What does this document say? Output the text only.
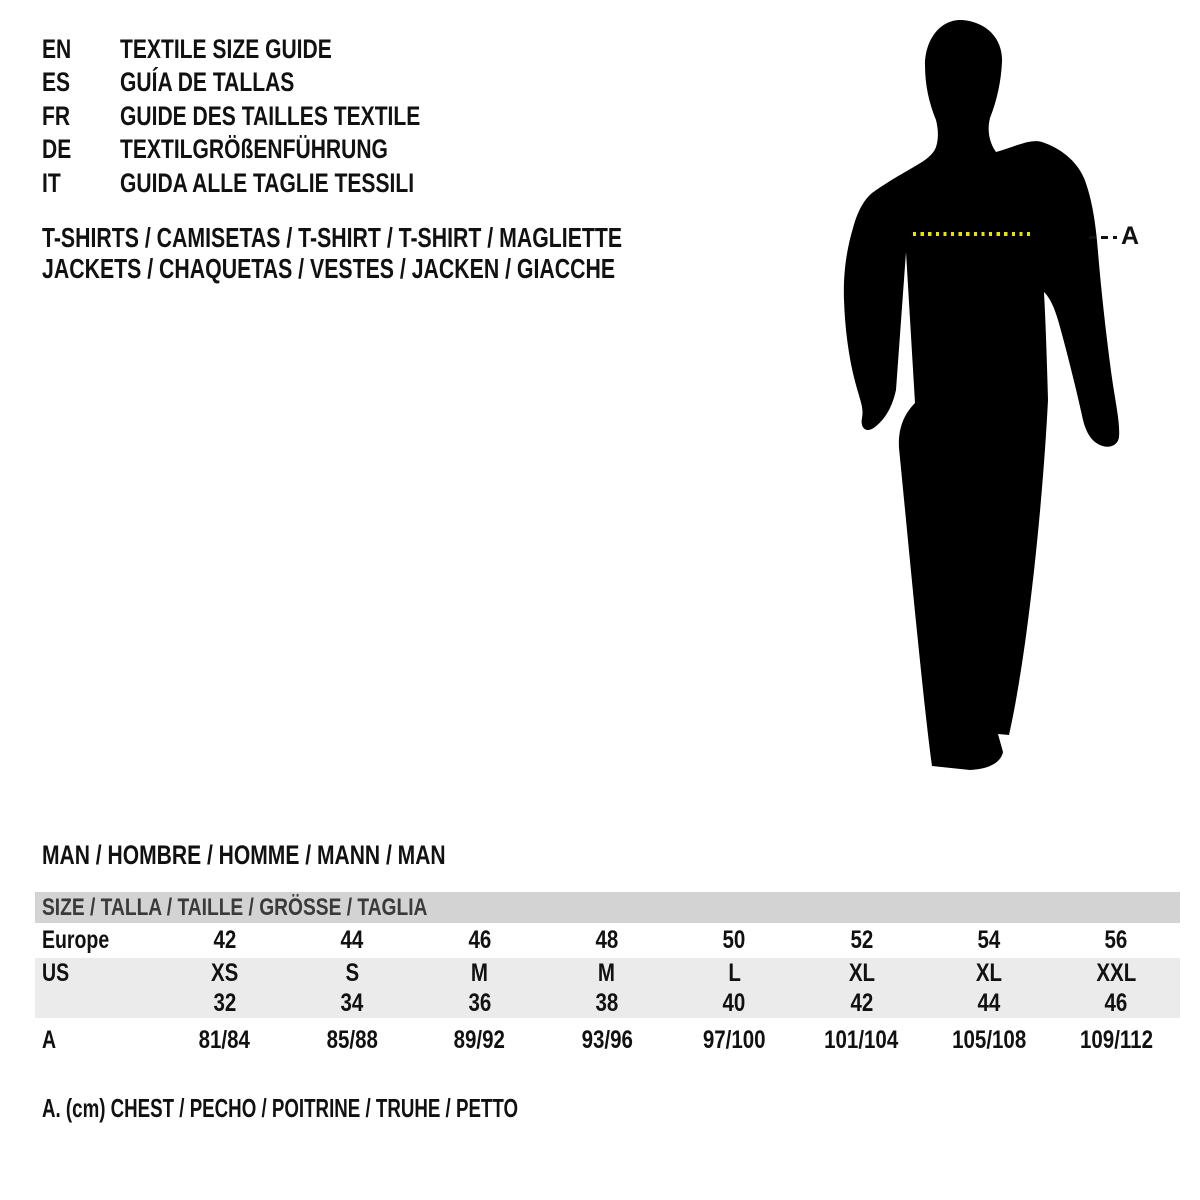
A
EN	TEXTILE SIZE GUIDE
ES	GUÍA DE TALLAS
FR	GUIDE DES TAILLES TEXTILE
DE	TEXTILGRÖßENFÜHRUNG
IT	GUIDA ALLE TAGLIE TESSILI
T-SHIRTS / CAMISETAS / T-SHIRT / T-SHIRT / MAGLIETTE
JACKETS / CHAQUETAS / VESTES / JACKEN / GIACCHE
MAN / HOMBRE / HOMME / MANN / MAN
SIZE / TALLA / TAILLE / GRÖSSE / TAGLIA
Europe	42	44	46	48	50	52	54	56
US	XS	S	M	M	L	XL	XL	XXL
32	34	36	38	40	42	44	46
A	81/84	85/88	89/92	93/96	97/100	101/104	105/108	109/112
A. (cm) CHEST / PECHO / POITRINE / TRUHE / PETTO
